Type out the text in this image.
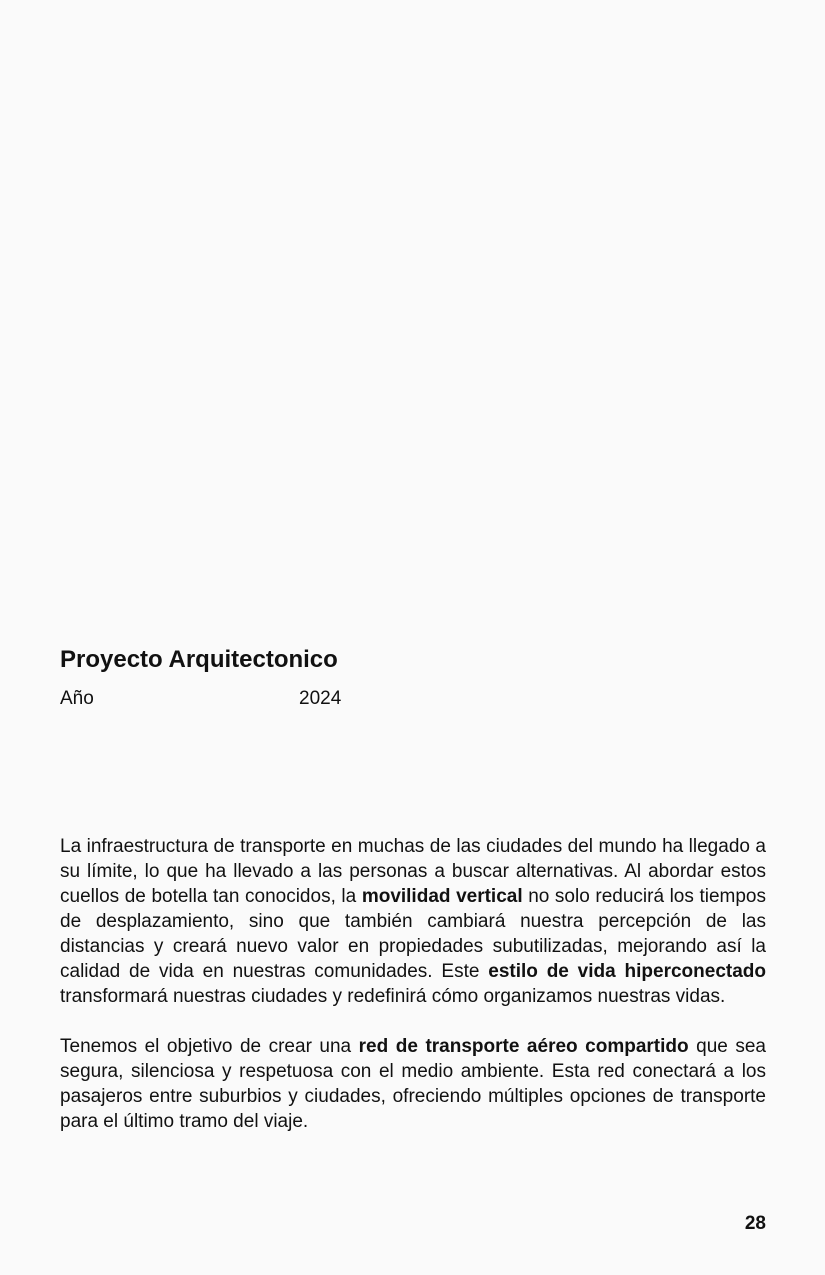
Proyecto Arquitectonico
Año	2024

La infraestructura de transporte en muchas de las ciudades del mundo ha llegado a su límite, lo que ha llevado a las personas a buscar alternativas. Al abordar estos cuellos de botella tan conocidos, la movilidad vertical no solo reducirá los tiempos de desplazamiento, sino que también cambiará nuestra percepción de las distancias y creará nuevo valor en propiedades subutilizadas, mejorando así la calidad de vida en nuestras comunidades. Este estilo de vida hiperconectado transformará nuestras ciudades y redefinirá cómo organizamos nuestras vidas.

Tenemos el objetivo de crear una red de transporte aéreo compartido que sea segura, silenciosa y respetuosa con el medio ambiente. Esta red conectará a los pasajeros entre suburbios y ciudades, ofreciendo múltiples opciones de transporte para el último tramo del viaje.

28
